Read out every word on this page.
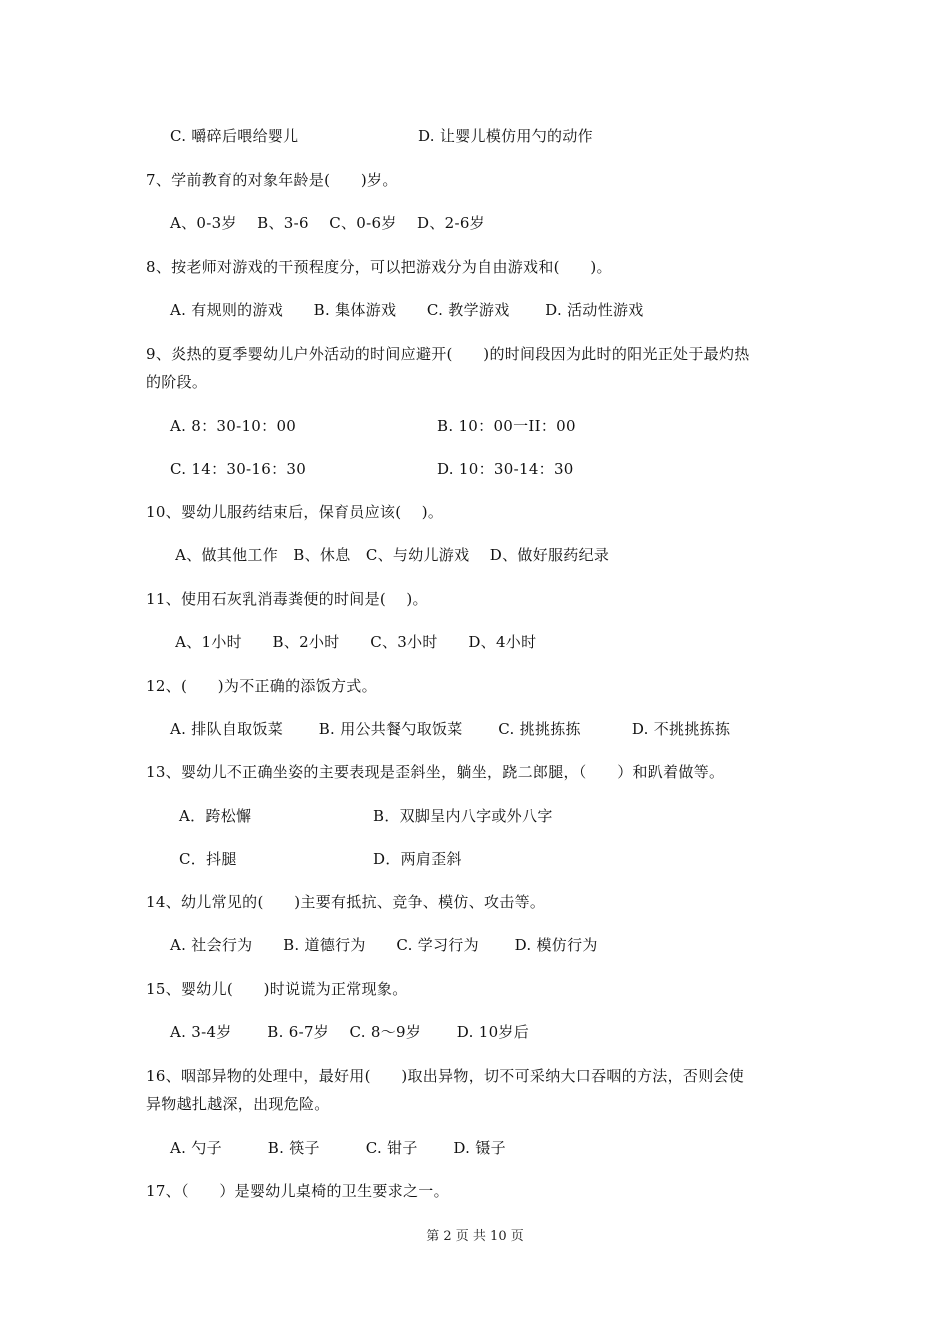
C. 嚼碎后喂给婴儿	D. 让婴儿模仿用勺的动作
7、学前教育的对象年龄是(　　)岁。
A、0-3岁　 B、3-6　 C、0-6岁　 D、2-6岁
8、按老师对游戏的干预程度分，可以把游戏分为自由游戏和(　　)。
A. 有规则的游戏　　B. 集体游戏　　C. 教学游戏　　 D. 活动性游戏
9、炎热的夏季婴幼儿户外活动的时间应避开(　　)的时间段因为此时的阳光正处于最灼热
的阶段。
A. 8：30-10：00	B. 10：00一II：00
C. 14：30-16：30	D. 10：30-14：30
10、婴幼儿服药结束后，保育员应该(　 )。
A、做其他工作　B、休息　C、与幼儿游戏　 D、做好服药纪录
11、使用石灰乳消毒粪便的时间是(　 )。
A、1小时　　B、2小时　　C、3小时　　D、4小时
12、(　　)为不正确的添饭方式。
A. 排队自取饭菜　　 B. 用公共餐勺取饭菜　　 C. 挑挑拣拣　　　 D. 不挑挑拣拣
13、婴幼儿不正确坐姿的主要表现是歪斜坐，躺坐，跷二郎腿，（　　）和趴着做等。
A．跨松懈	B．双脚呈内八字或外八字
C．抖腿	D．两肩歪斜
14、幼儿常见的(　　)主要有抵抗、竞争、模仿、攻击等。
A. 社会行为　　B. 道德行为　　C. 学习行为　　 D. 模仿行为
15、婴幼儿(　　)时说谎为正常现象。
A. 3-4岁　　 B. 6-7岁　 C. 8～9岁　　 D. 10岁后
16、咽部异物的处理中，最好用(　　)取出异物，切不可采纳大口吞咽的方法，否则会使
异物越扎越深，出现危险。
A. 勺子　　　B. 筷子　　　C. 钳子　　 D. 镊子
17、（　　）是婴幼儿桌椅的卫生要求之一。
第 2 页 共 10 页
